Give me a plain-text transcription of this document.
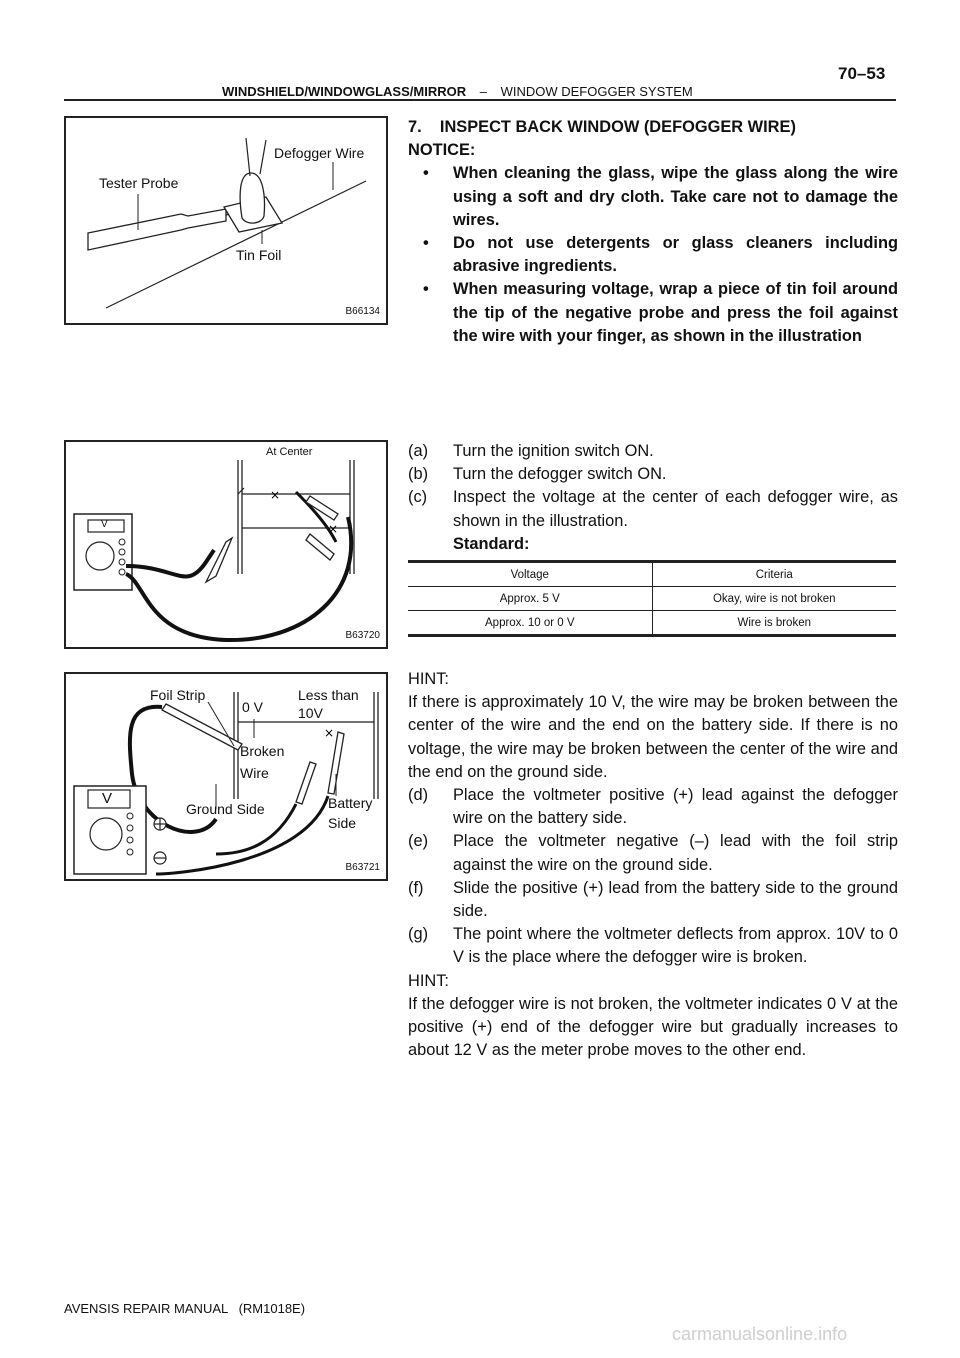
WINDSHIELD/WINDOWGLASS/MIRROR – WINDOW DEFOGGER SYSTEM
70–53
Defogger Wire
Tester Probe
Tin Foil
B66134
×
×
At Center
V
B63720
×
Foil Strip
0 V
Less than
10V
Broken
Wire
Ground Side	Battery
Side
V
B63721

7.    INSPECT BACK WINDOW (DEFOGGER WIRE)

NOTICE:

• When cleaning the glass, wipe the glass along the wire using a soft and dry cloth. Take care not to damage the wires.
• Do not use detergents or glass cleaners including abrasive ingredients.
• When measuring voltage, wrap a piece of tin foil around the tip of the negative probe and press the foil against the wire with your finger, as shown in the illustration
(a) Turn the ignition switch ON.
(b) Turn the defogger switch ON.
(c) Inspect the voltage at the center of each defogger wire, as shown in the illustration.

Standard:

Voltage	Criteria
Approx. 5 V	Okay, wire is not broken
Approx. 10 or 0 V	Wire is broken

HINT:

If there is approximately 10 V, the wire may be broken between the center of the wire and the end on the battery side. If there is no voltage, the wire may be broken between the center of the wire and the end on the ground side.

(d) Place the voltmeter positive (+) lead against the defogger wire on the battery side.
(e) Place the voltmeter negative (–) lead with the foil strip against the wire on the ground side.
(f) Slide the positive (+) lead from the battery side to the ground side.
(g) The point where the voltmeter deflects from approx. 10V to 0 V is the place where the defogger wire is broken.

HINT:

If the defogger wire is not broken, the voltmeter indicates 0 V at the positive (+) end of the defogger wire but gradually increases to about 12 V as the meter probe moves to the other end.

AVENSIS REPAIR MANUAL   (RM1018E)
carmanualsonline.info
